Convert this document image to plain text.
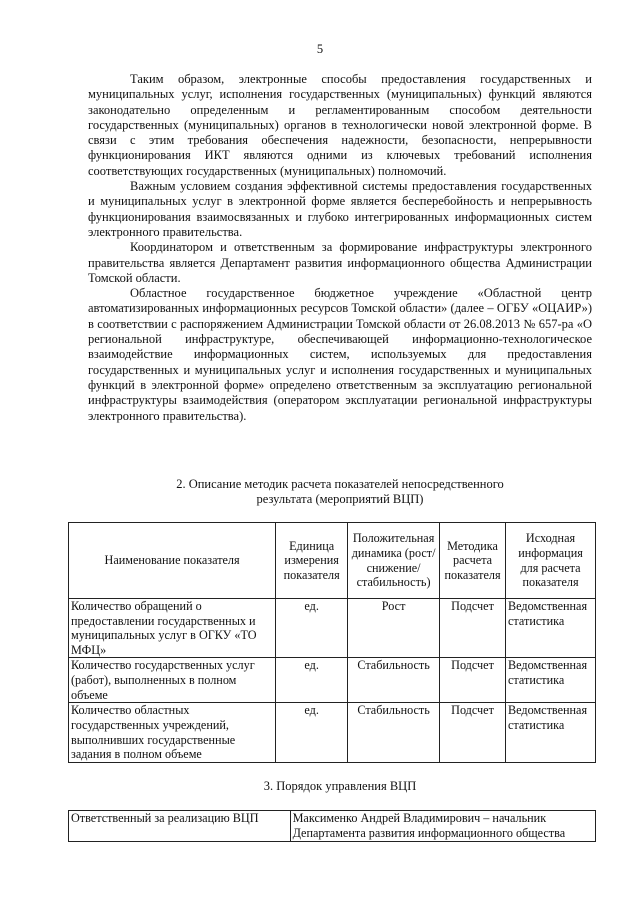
5

Таким образом, электронные способы предоставления государственных и муниципальных услуг, исполнения государственных (муниципальных) функций являются законодательно определенным и регламентированным способом деятельности государственных (муниципальных) органов в технологически новой электронной форме. В связи с этим требования обеспечения надежности, безопасности, непрерывности функционирования ИКТ являются одними из ключевых требований исполнения соответствующих государственных (муниципальных) полномочий.

Важным условием создания эффективной системы предоставления государственных и муниципальных услуг в электронной форме является бесперебойность и непрерывность функционирования взаимосвязанных и глубоко интегрированных информационных систем электронного правительства.

Координатором и ответственным за формирование инфраструктуры электронного правительства является Департамент развития информационного общества Администрации Томской области.

Областное государственное бюджетное учреждение «Областной центр автоматизированных информационных ресурсов Томской области» (далее – ОГБУ «ОЦАИР») в соответствии с распоряжением Администрации Томской области от 26.08.2013 № 657-ра «О региональной инфраструктуре, обеспечивающей информационно-технологическое взаимодействие информационных систем, используемых для предоставления государственных и муниципальных услуг и исполнения государственных и муниципальных функций в электронной форме» определено ответственным за эксплуатацию региональной инфраструктуры взаимодействия (оператором эксплуатации региональной инфраструктуры электронного правительства).

2. Описание методик расчета показателей непосредственного
результата (мероприятий ВЦП)
Наименование показателя	Единица измерения показателя	Положительная динамика (рост/ снижение/ стабильность)	Методика расчета показателя	Исходная информация для расчета показателя
Количество обращений о предоставлении государственных и муниципальных услуг в ОГКУ «ТО МФЦ»	ед.	Рост	Подсчет	Ведомственная статистика
Количество государственных услуг (работ), выполненных в полном объеме	ед.	Стабильность	Подсчет	Ведомственная статистика
Количество областных государственных учреждений, выполнивших государственные задания в полном объеме	ед.	Стабильность	Подсчет	Ведомственная статистика
3. Порядок управления ВЦП
Ответственный за реализацию ВЦП	Максименко Андрей Владимирович – начальник Департамента развития информационного общества
